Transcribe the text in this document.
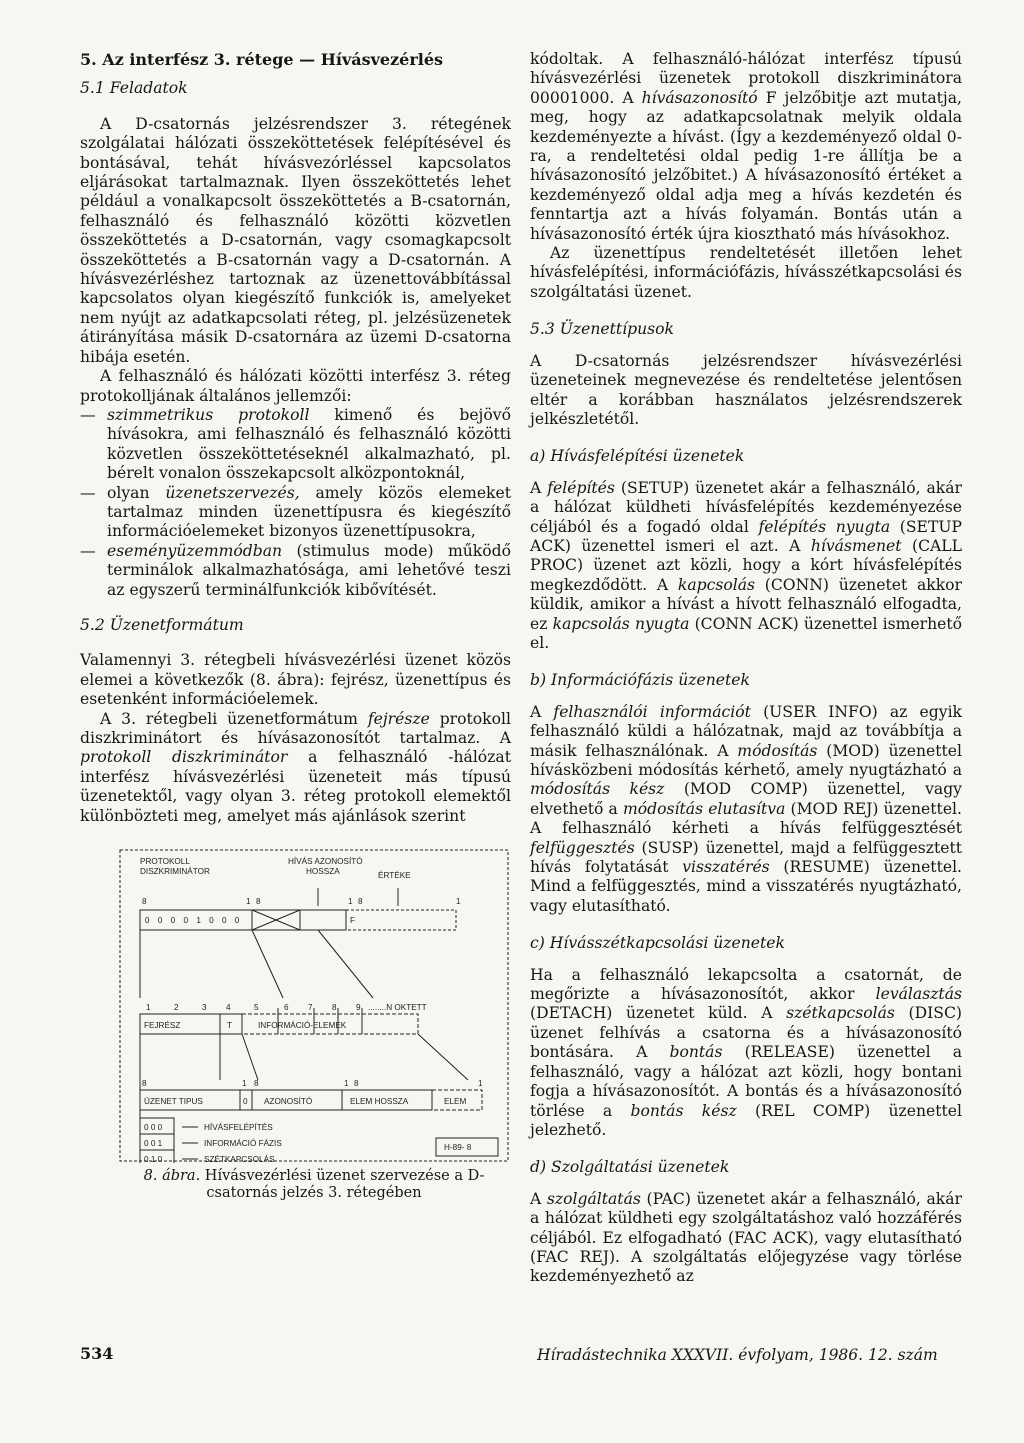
5. Az interfész 3. rétege — Hívásvezérlés
5.1 Feladatok

A D-csatornás jelzésrendszer 3. rétegének szolgálatai hálózati összeköttetések felépítésével és bontásával, tehát hívásvezórléssel kapcsolatos eljárásokat tartalmaznak. Ilyen összeköttetés lehet például a vonalkapcsolt összeköttetés a B-csatornán, felhasználó és felhasználó közötti közvetlen összeköttetés a D-csatornán, vagy csomagkapcsolt összeköttetés a B-csatornán vagy a D-csatornán. A hívásvezérléshez tartoznak az üzenettovábbítással kapcsolatos olyan kiegészítő funkciók is, amelyeket nem nyújt az adatkapcsolati réteg, pl. jelzésüzenetek átirányítása másik D-csatornára az üzemi D-csatorna hibája esetén.

A felhasználó és hálózati közötti interfész 3. réteg protokolljának általános jellemzői:

— szimmetrikus protokoll kimenő és bejövő hívásokra, ami felhasználó és felhasználó közötti közvetlen összeköttetéseknél alkalmazható, pl. bérelt vonalon összekapcsolt alközpontoknál,
— olyan üzenetszervezés, amely közös elemeket tartalmaz minden üzenettípusra és kiegészítő információelemeket bizonyos üzenettípusokra,
— eseményüzemmódban (stimulus mode) működő terminálok alkalmazhatósága, ami lehetővé teszi az egyszerű terminálfunkciók kibővítését.
5.2 Üzenetformátum

Valamennyi 3. rétegbeli hívásvezérlési üzenet közös elemei a következők (8. ábra): fejrész, üzenettípus és esetenként információelemek.

A 3. rétegbeli üzenetformátum fejrésze protokoll diszkriminátort és hívásazonosítót tartalmaz. A protokoll diszkriminátor a felhasználó -hálózat interfész hívásvezérlési üzeneteit más típusú üzenetektől, vagy olyan 3. réteg protokoll elemektől különbözteti meg, amelyet más ajánlások szerint

kódoltak. A felhasználó-hálózat interfész típusú hívásvezérlési üzenetek protokoll diszkriminátora 00001000. A hívásazonosító F jelzőbitje azt mutatja, meg, hogy az adatkapcsolatnak melyik oldala kezdeményezte a hívást. (Így a kezdeményező oldal 0-ra, a rendeltetési oldal pedig 1-re állítja be a hívásazonosító jelzőbitet.) A hívásazonosító értéket a kezdeményező oldal adja meg a hívás kezdetén és fenntartja azt a hívás folyamán. Bontás után a hívásazonosító érték újra kiosztható más hívásokhoz.

Az üzenettípus rendeltetését illetően lehet hívásfelépítési, információfázis, hívásszétkapcsolási és szolgáltatási üzenet.

5.3 Üzenettípusok

A D-csatornás jelzésrendszer hívásvezérlési üzeneteinek megnevezése és rendeltetése jelentősen eltér a korábban használatos jelzésrendszerek jelkészletétől.

a) Hívásfelépítési üzenetek

A felépítés (SETUP) üzenetet akár a felhasználó, akár a hálózat küldheti hívásfelépítés kezdeményezése céljából és a fogadó oldal felépítés nyugta (SETUP ACK) üzenettel ismeri el azt. A hívásmenet (CALL PROC) üzenet azt közli, hogy a kórt hívásfelépítés megkezdődött. A kapcsolás (CONN) üzenetet akkor küldik, amikor a hívást a hívott felhasználó elfogadta, ez kapcsolás nyugta (CONN ACK) üzenettel ismerhető el.

b) Információfázis üzenetek

A felhasználói információt (USER INFO) az egyik felhasználó küldi a hálózatnak, majd az továbbítja a másik felhasználónak. A módosítás (MOD) üzenettel hívásközbeni módosítás kérhető, amely nyugtázható a módosítás kész (MOD COMP) üzenettel, vagy elvethető a módosítás elutasítva (MOD REJ) üzenettel. A felhasználó kérheti a hívás felfüggesztését felfüggesztés (SUSP) üzenettel, majd a felfüggesztett hívás folytatását visszatérés (RESUME) üzenettel. Mind a felfüggesztés, mind a visszatérés nyugtázható, vagy elutasítható.

c) Hívásszétkapcsolási üzenetek

Ha a felhasználó lekapcsolta a csatornát, de megőrizte a hívásazonosítót, akkor leválasztás (DETACH) üzenetet küld. A szétkapcsolás (DISC) üzenet felhívás a csatorna és a hívásazonosító bontására. A bontás (RELEASE) üzenettel a felhasználó, vagy a hálózat azt közli, hogy bontani fogja a hívásazonosítót. A bontás és a hívásazonosító törlése a bontás kész (REL COMP) üzenettel jelezhető.

d) Szolgáltatási üzenetek

A szolgáltatás (PAC) üzenetet akár a felhasználó, akár a hálózat küldheti egy szolgáltatáshoz való hozzáférés céljából. Ez elfogadható (FAC ACK), vagy elutasítható (FAC REJ). A szolgáltatás előjegyzése vagy törlése kezdeményezhető az

PROTOKOLL
DISZKRIMINÁTOR
HÍVÁS AZONOSÍTÓ
HOSSZA	ÉRTÉKE
8	1 8	1 8	1
0 0 0 0 1 0 0 0	F
1	2	3 4	5	6 7 8 9 ........N OKTETT
FEJRÉSZ	T	INFORMÁCIÓ-ELEMEK
8	1 8	1 8	1
ÜZENET TIPUS	0 AZONOSÍTÓ	ELEM HOSSZA	ELEM
0 0 0	HÍVÁSFELÉPÍTÉS
0 0 1	INFORMÁCIÓ FÁZIS
0 1 0	SZÉTKAPCSOLÁS
H-89- 8
8. ábra. Hívásvezérlési üzenet szervezése a D-csatornás jelzés 3. rétegében
534	Híradástechnika XXXVII. évfolyam, 1986. 12. szám
